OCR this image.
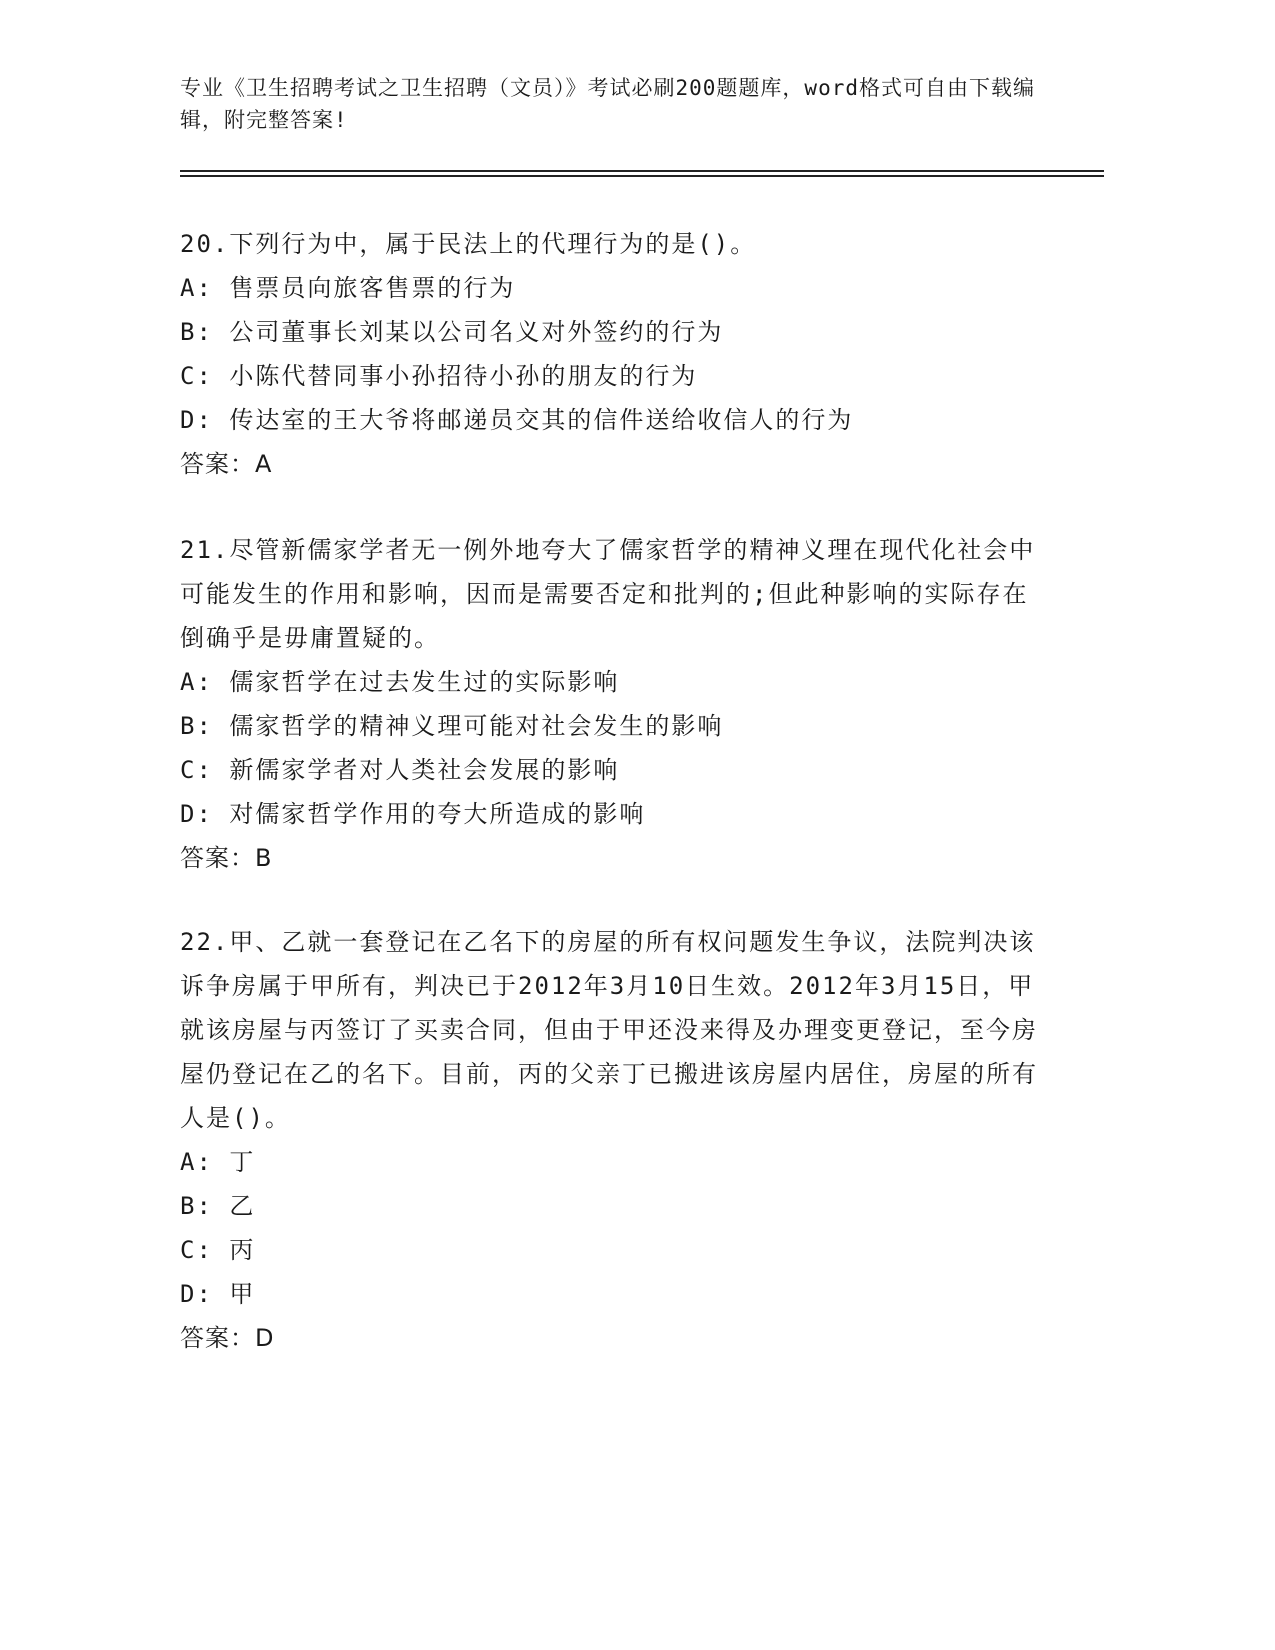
专业《卫生招聘考试之卫生招聘（文员）》考试必刷200题题库，word格式可自由下载编辑，附完整答案!
20.下列行为中，属于民法上的代理行为的是()。
A: 售票员向旅客售票的行为
B: 公司董事长刘某以公司名义对外签约的行为
C: 小陈代替同事小孙招待小孙的朋友的行为
D: 传达室的王大爷将邮递员交其的信件送给收信人的行为
答案：A
21.尽管新儒家学者无一例外地夸大了儒家哲学的精神义理在现代化社会中可能发生的作用和影响，因而是需要否定和批判的;但此种影响的实际存在倒确乎是毋庸置疑的。
A: 儒家哲学在过去发生过的实际影响
B: 儒家哲学的精神义理可能对社会发生的影响
C: 新儒家学者对人类社会发展的影响
D: 对儒家哲学作用的夸大所造成的影响
答案：B
22.甲、乙就一套登记在乙名下的房屋的所有权问题发生争议，法院判决该诉争房属于甲所有，判决已于2012年3月10日生效。2012年3月15日，甲就该房屋与丙签订了买卖合同，但由于甲还没来得及办理变更登记，至今房屋仍登记在乙的名下。目前，丙的父亲丁已搬进该房屋内居住，房屋的所有人是()。
A: 丁
B: 乙
C: 丙
D: 甲
答案：D
